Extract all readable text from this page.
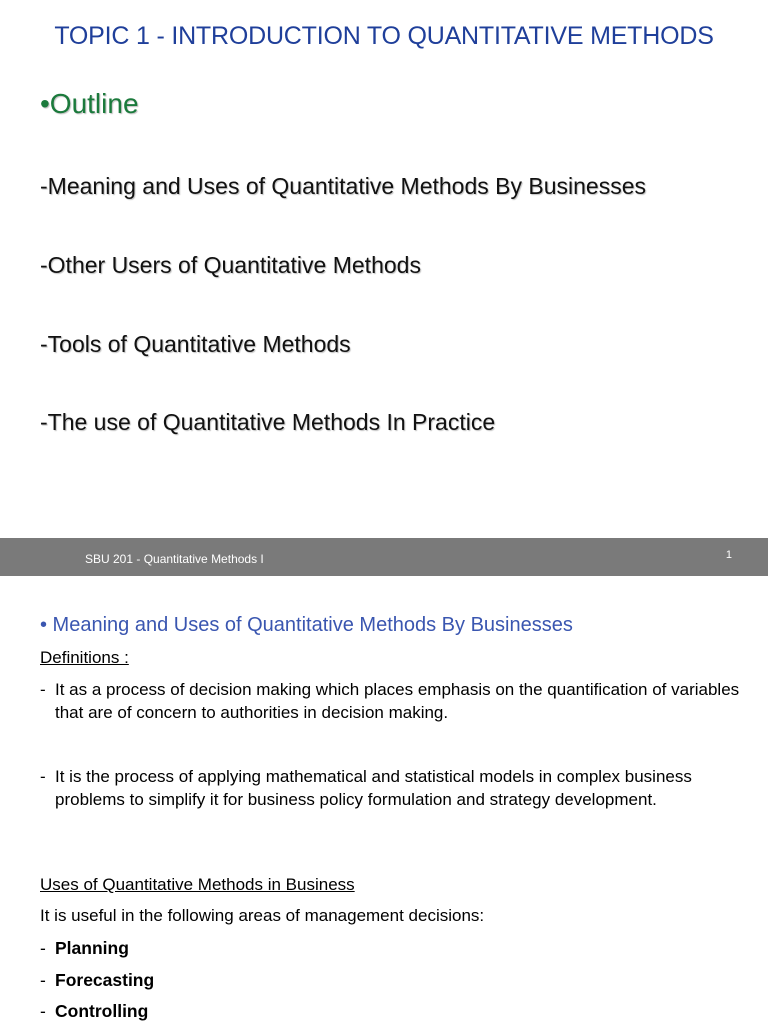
TOPIC 1 - INTRODUCTION TO QUANTITATIVE METHODS
•Outline
-Meaning and Uses of Quantitative Methods By Businesses
-Other Users of Quantitative Methods
-Tools of Quantitative Methods
-The use of Quantitative Methods In Practice
SBU 201 - Quantitative Methods I	1
• Meaning and Uses of Quantitative Methods By Businesses
Definitions :
- It as a process of decision making which places emphasis on the quantification of variables that are of concern to authorities in decision making.
- It is the process of applying mathematical and statistical models in complex business problems to simplify it for business policy formulation and strategy development.
Uses of Quantitative Methods in Business
It is useful in the following areas of management decisions:
- Planning
- Forecasting
- Controlling
